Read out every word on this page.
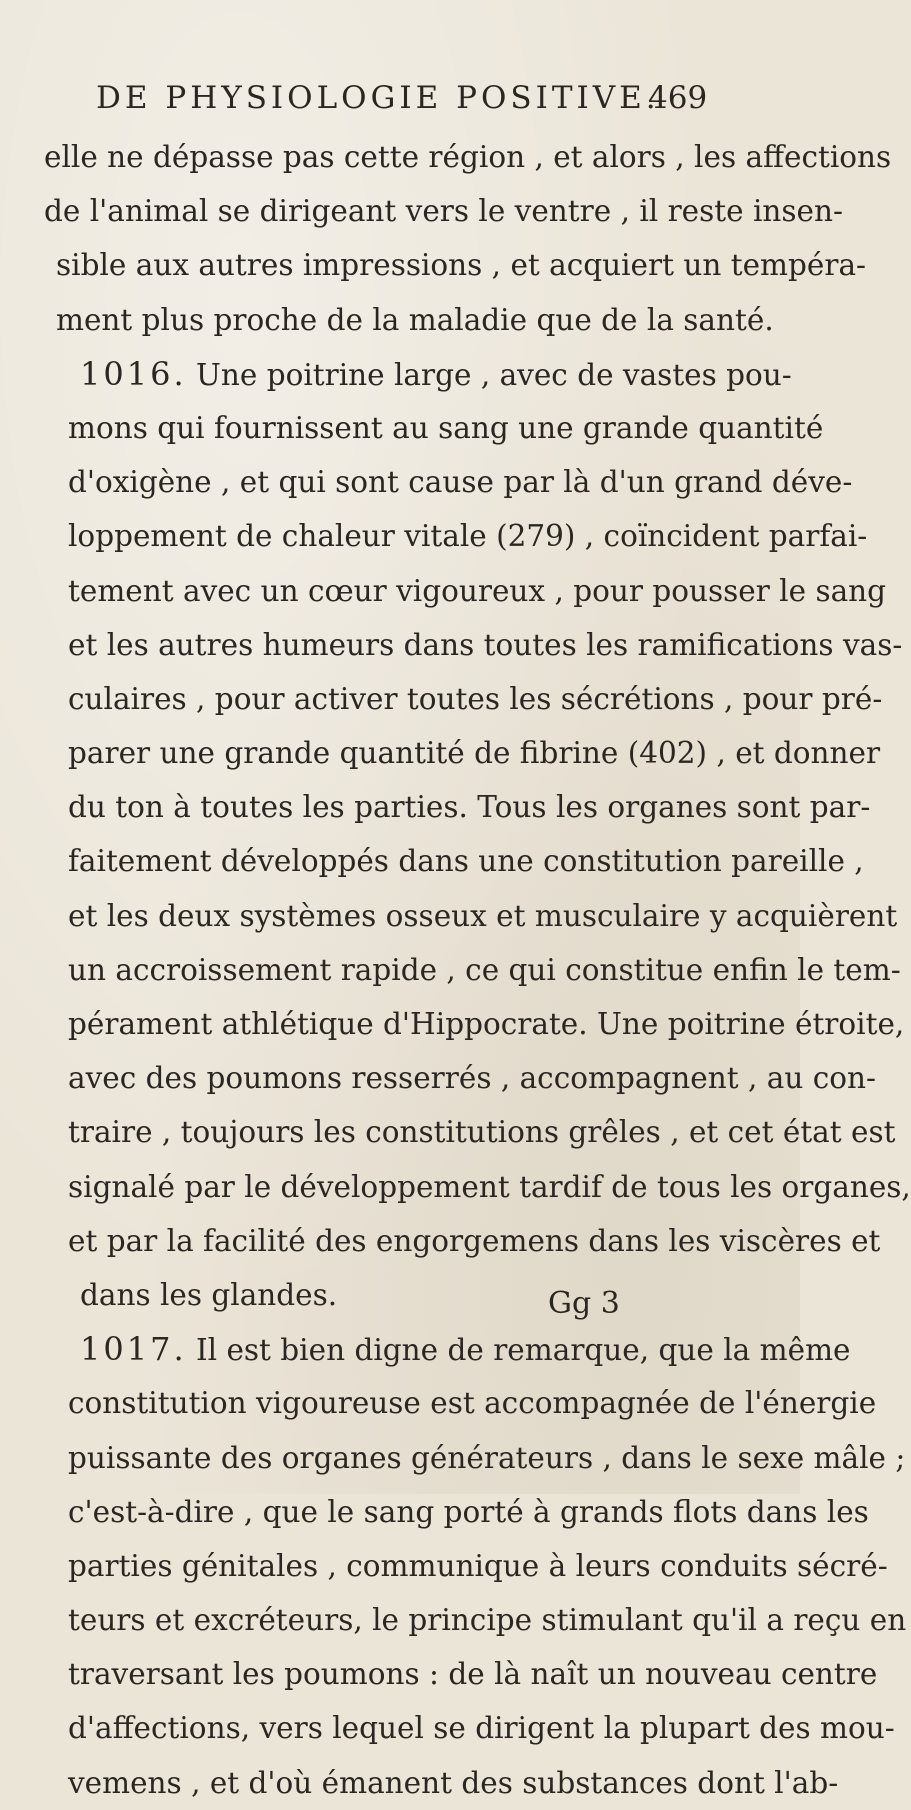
DE PHYSIOLOGIE POSITIVE.
469
elle ne dépasse pas cette région , et alors , les affections
de l'animal se dirigeant vers le ventre , il reste insen-
sible aux autres impressions , et acquiert un tempéra-
ment plus proche de la maladie que de la santé.
1016. Une poitrine large , avec de vastes pou-
mons qui fournissent au sang une grande quantité
d'oxigène , et qui sont cause par là d'un grand déve-
loppement de chaleur vitale (279) , coïncident parfai-
tement avec un cœur vigoureux , pour pousser le sang
et les autres humeurs dans toutes les ramifications vas-
culaires , pour activer toutes les sécrétions , pour pré-
parer une grande quantité de fibrine (402) , et donner
du ton à toutes les parties. Tous les organes sont par-
faitement développés dans une constitution pareille ,
et les deux systèmes osseux et musculaire y acquièrent
un accroissement rapide , ce qui constitue enfin le tem-
pérament athlétique d'Hippocrate. Une poitrine étroite,
avec des poumons resserrés , accompagnent , au con-
traire , toujours les constitutions grêles , et cet état est
signalé par le développement tardif de tous les organes,
et par la facilité des engorgemens dans les viscères et
dans les glandes.
1017. Il est bien digne de remarque, que la même
constitution vigoureuse est accompagnée de l'énergie
puissante des organes générateurs , dans le sexe mâle ;
c'est-à-dire , que le sang porté à grands flots dans les
parties génitales , communique à leurs conduits sécré-
teurs et excréteurs, le principe stimulant qu'il a reçu en
traversant les poumons : de là naît un nouveau centre
d'affections, vers lequel se dirigent la plupart des mou-
vemens , et d'où émanent des substances dont l'ab-
Gg 3
